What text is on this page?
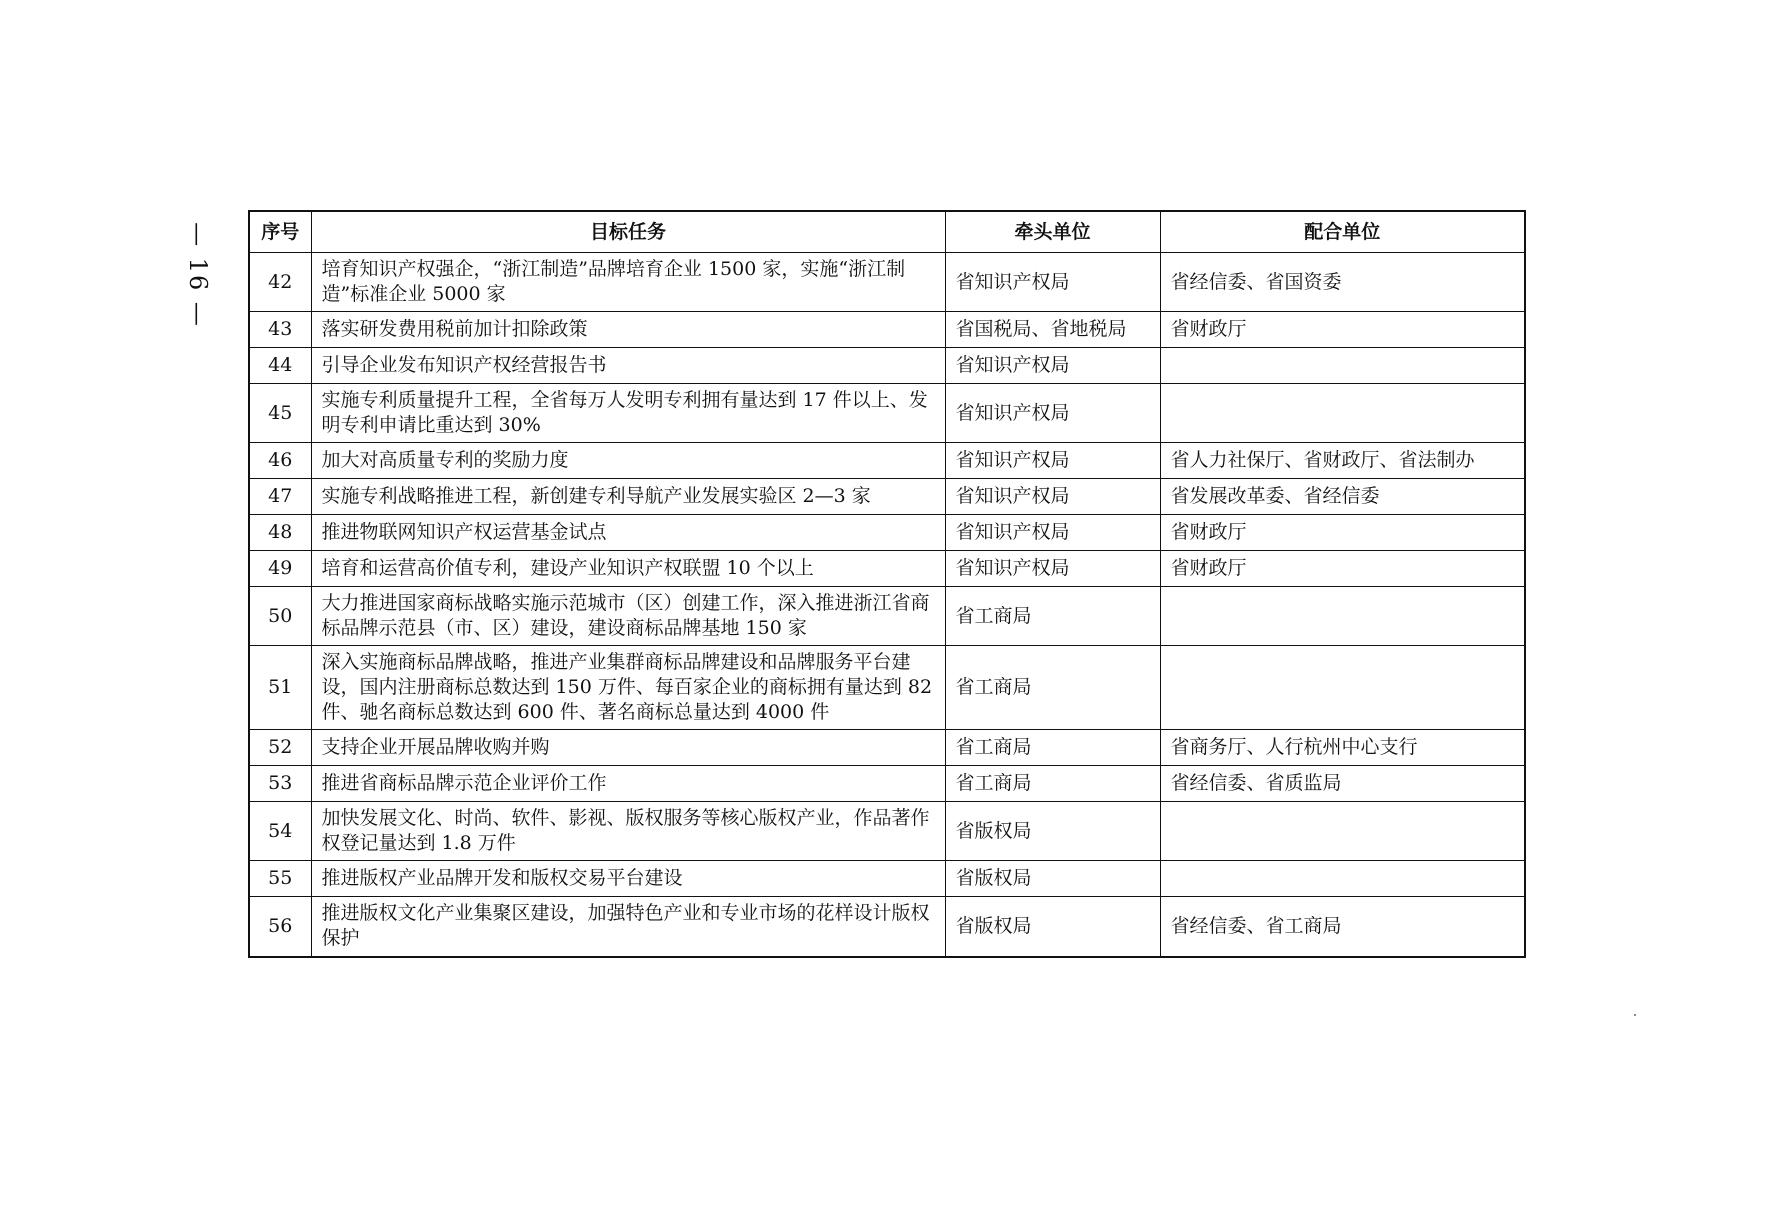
— 16 —	序号	目标任务	牵头单位	配合单位
42	培育知识产权强企，“浙江制造”品牌培育企业 1500 家，实施“浙江制造”标准企业 5000 家	省知识产权局	省经信委、省国资委
43	落实研发费用税前加计扣除政策	省国税局、省地税局	省财政厅
44	引导企业发布知识产权经营报告书	省知识产权局	
45	实施专利质量提升工程，全省每万人发明专利拥有量达到 17 件以上、发明专利申请比重达到 30%	省知识产权局	
46	加大对高质量专利的奖励力度	省知识产权局	省人力社保厅、省财政厅、省法制办
47	实施专利战略推进工程，新创建专利导航产业发展实验区 2—3 家	省知识产权局	省发展改革委、省经信委
48	推进物联网知识产权运营基金试点	省知识产权局	省财政厅
49	培育和运营高价值专利，建设产业知识产权联盟 10 个以上	省知识产权局	省财政厅
50	大力推进国家商标战略实施示范城市（区）创建工作，深入推进浙江省商标品牌示范县（市、区）建设，建设商标品牌基地 150 家	省工商局	
51	深入实施商标品牌战略，推进产业集群商标品牌建设和品牌服务平台建设，国内注册商标总数达到 150 万件、每百家企业的商标拥有量达到 82 件、驰名商标总数达到 600 件、著名商标总量达到 4000 件	省工商局	
52	支持企业开展品牌收购并购	省工商局	省商务厅、人行杭州中心支行
53	推进省商标品牌示范企业评价工作	省工商局	省经信委、省质监局
54	加快发展文化、时尚、软件、影视、版权服务等核心版权产业，作品著作权登记量达到 1.8 万件	省版权局	
55	推进版权产业品牌开发和版权交易平台建设	省版权局	
56	推进版权文化产业集聚区建设，加强特色产业和专业市场的花样设计版权保护	省版权局	省经信委、省工商局
